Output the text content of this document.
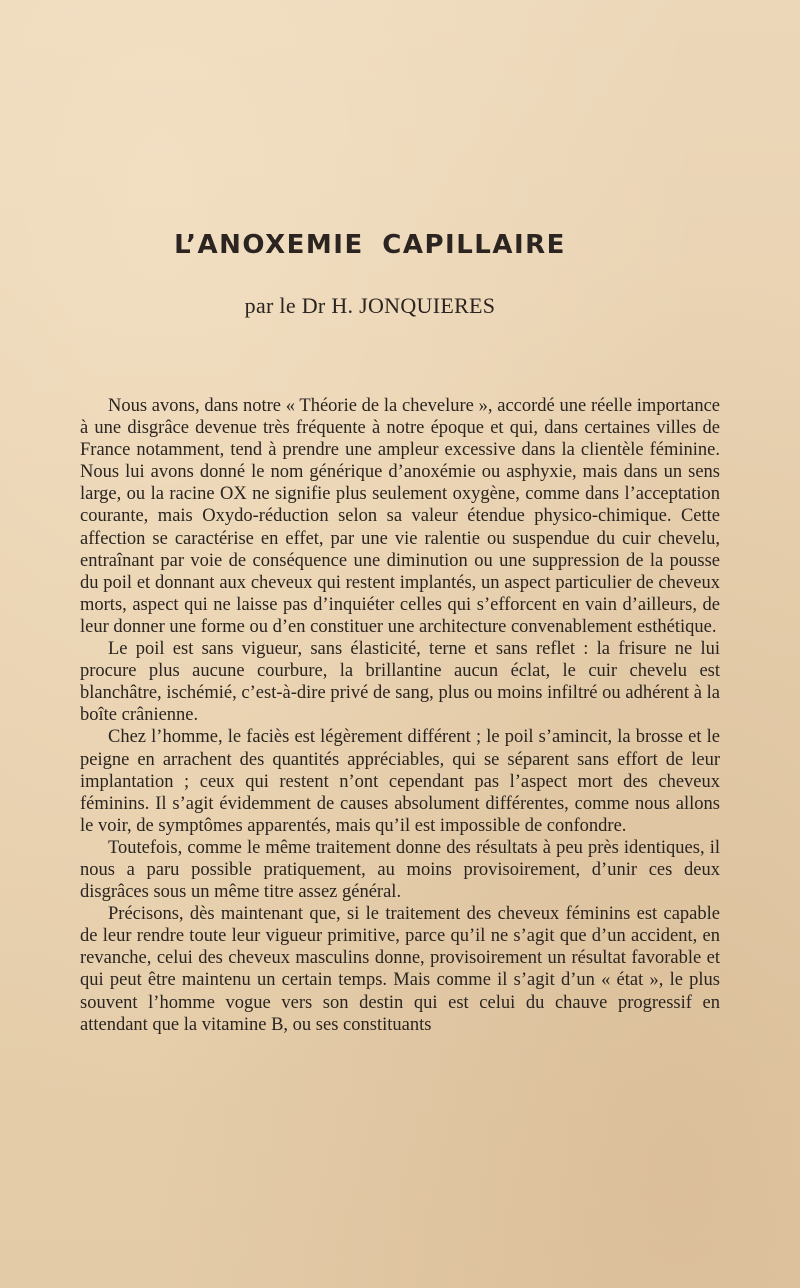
L’ANOXEMIE CAPILLAIRE
par le Dr H. JONQUIERES

Nous avons, dans notre « Théorie de la chevelure », accordé une réelle importance à une disgrâce devenue très fréquente à notre époque et qui, dans certaines villes de France notamment, tend à prendre une ampleur excessive dans la clientèle féminine. Nous lui avons donné le nom générique d’anoxémie ou asphyxie, mais dans un sens large, ou la racine OX ne signifie plus seulement oxygène, comme dans l’acceptation courante, mais Oxydo-réduction selon sa valeur étendue physico-chimique. Cette affection se caractérise en effet, par une vie ralentie ou suspendue du cuir chevelu, entraînant par voie de conséquence une diminution ou une suppression de la pousse du poil et donnant aux cheveux qui restent implantés, un aspect particulier de cheveux morts, aspect qui ne laisse pas d’inquiéter celles qui s’efforcent en vain d’ailleurs, de leur donner une forme ou d’en constituer une architecture convenablement esthétique.

Le poil est sans vigueur, sans élasticité, terne et sans reflet : la frisure ne lui procure plus aucune courbure, la brillantine aucun éclat, le cuir chevelu est blanchâtre, ischémié, c’est-à-dire privé de sang, plus ou moins infiltré ou adhérent à la boîte crânienne.

Chez l’homme, le faciès est légèrement différent ; le poil s’amincit, la brosse et le peigne en arrachent des quantités appréciables, qui se séparent sans effort de leur implantation ; ceux qui restent n’ont cependant pas l’aspect mort des cheveux féminins. Il s’agit évidemment de causes absolument différentes, comme nous allons le voir, de symptômes apparentés, mais qu’il est impossible de confondre.

Toutefois, comme le même traitement donne des résultats à peu près identiques, il nous a paru possible pratiquement, au moins provisoirement, d’unir ces deux disgrâces sous un même titre assez général.

Précisons, dès maintenant que, si le traitement des cheveux féminins est capable de leur rendre toute leur vigueur primitive, parce qu’il ne s’agit que d’un accident, en revanche, celui des cheveux masculins donne, provisoirement un résultat favorable et qui peut être maintenu un certain temps. Mais comme il s’agit d’un « état », le plus souvent l’homme vogue vers son destin qui est celui du chauve progressif en attendant que la vitamine B, ou ses constituants
